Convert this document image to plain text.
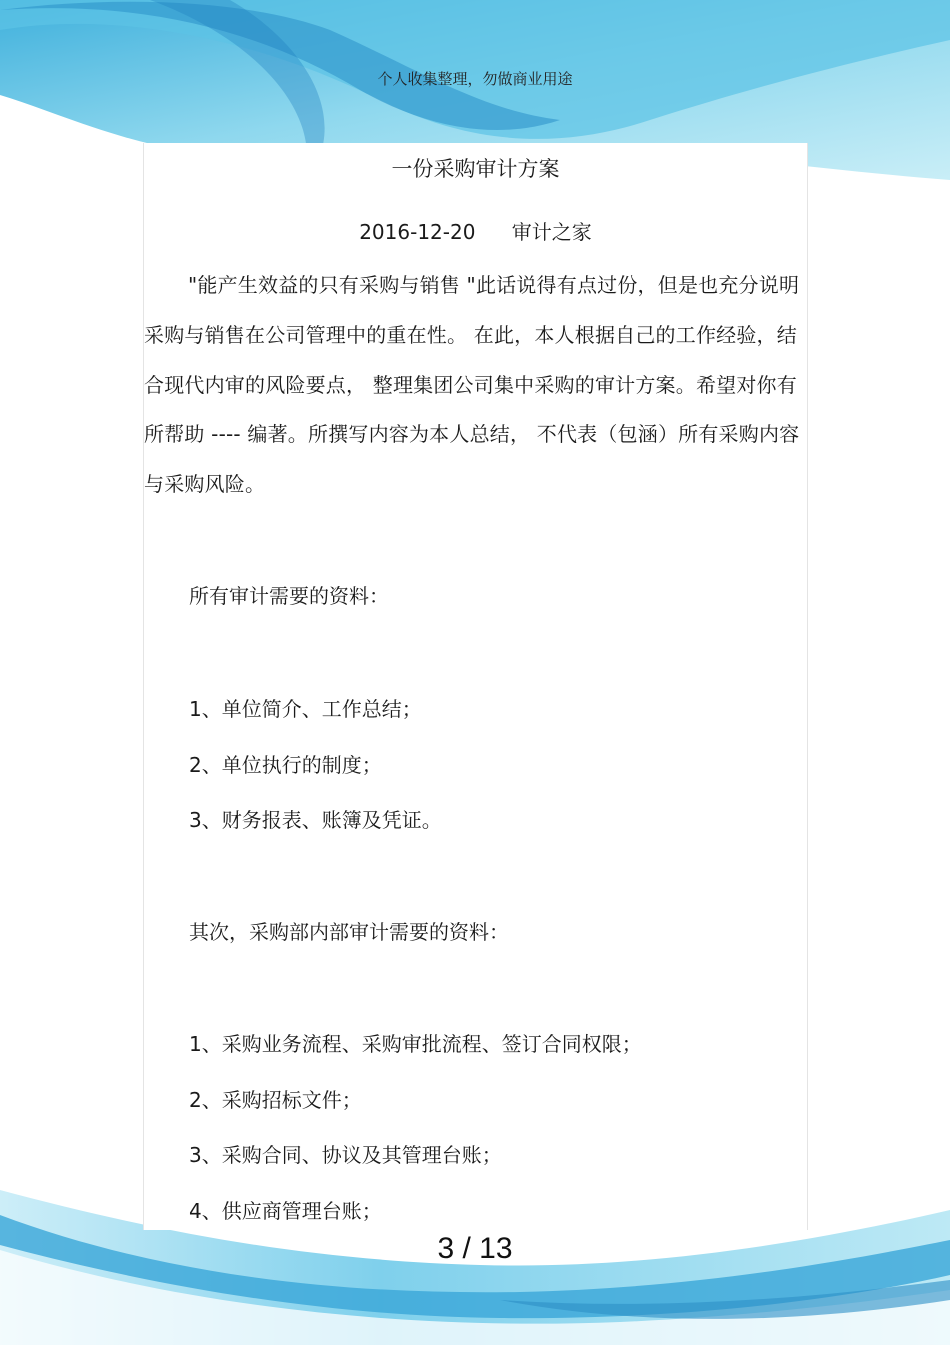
个人收集整理，勿做商业用途
一份采购审计方案
2016-12-20 审计之家

"能产生效益的只有采购与销售 "此话说得有点过份，但是也充分说明采购与销售在公司管理中的重在性。 在此，本人根据自己的工作经验，结合现代内审的风险要点， 整理集团公司集中采购的审计方案。希望对你有所帮助 ---- 编著。所撰写内容为本人总结， 不代表（包涵）所有采购内容与采购风险。

所有审计需要的资料：
1、单位简介、工作总结；
2、单位执行的制度；
3、财务报表、账簿及凭证。
其次，采购部内部审计需要的资料：
1、采购业务流程、采购审批流程、签订合同权限；
2、采购招标文件；
3、采购合同、协议及其管理台账；
4、供应商管理台账；
3 / 13
